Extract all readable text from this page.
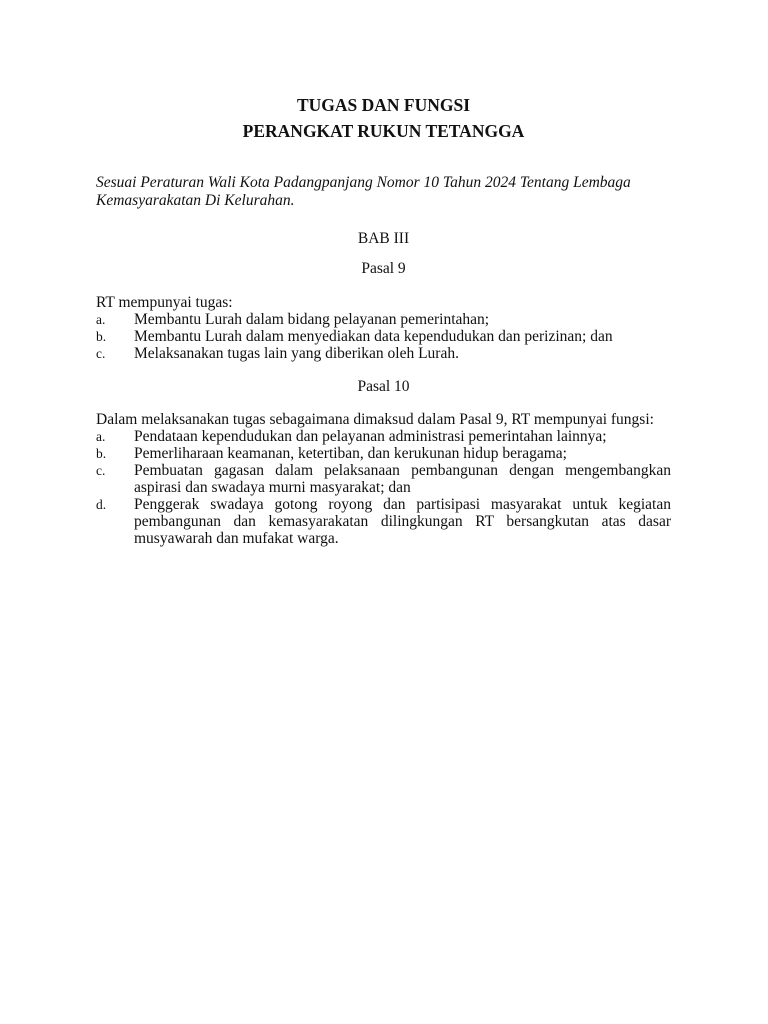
TUGAS DAN FUNGSI

PERANGKAT RUKUN TETANGGA

Sesuai Peraturan Wali Kota Padangpanjang Nomor 10 Tahun 2024 Tentang Lembaga Kemasyarakatan Di Kelurahan.
BAB III
Pasal 9
RT mempunyai tugas:
a. Membantu Lurah dalam bidang pelayanan pemerintahan;
b. Membantu Lurah dalam menyediakan data kependudukan dan perizinan; dan
c. Melaksanakan tugas lain yang diberikan oleh Lurah.
Pasal 10
Dalam melaksanakan tugas sebagaimana dimaksud dalam Pasal 9, RT mempunyai fungsi:
a. Pendataan kependudukan dan pelayanan administrasi pemerintahan lainnya;
b. Pemerliharaan keamanan, ketertiban, dan kerukunan hidup beragama;
c. Pembuatan gagasan dalam pelaksanaan pembangunan dengan mengembangkan aspirasi dan swadaya murni masyarakat; dan
d. Penggerak swadaya gotong royong dan partisipasi masyarakat untuk kegiatan pembangunan dan kemasyarakatan dilingkungan RT bersangkutan atas dasar musyawarah dan mufakat warga.
